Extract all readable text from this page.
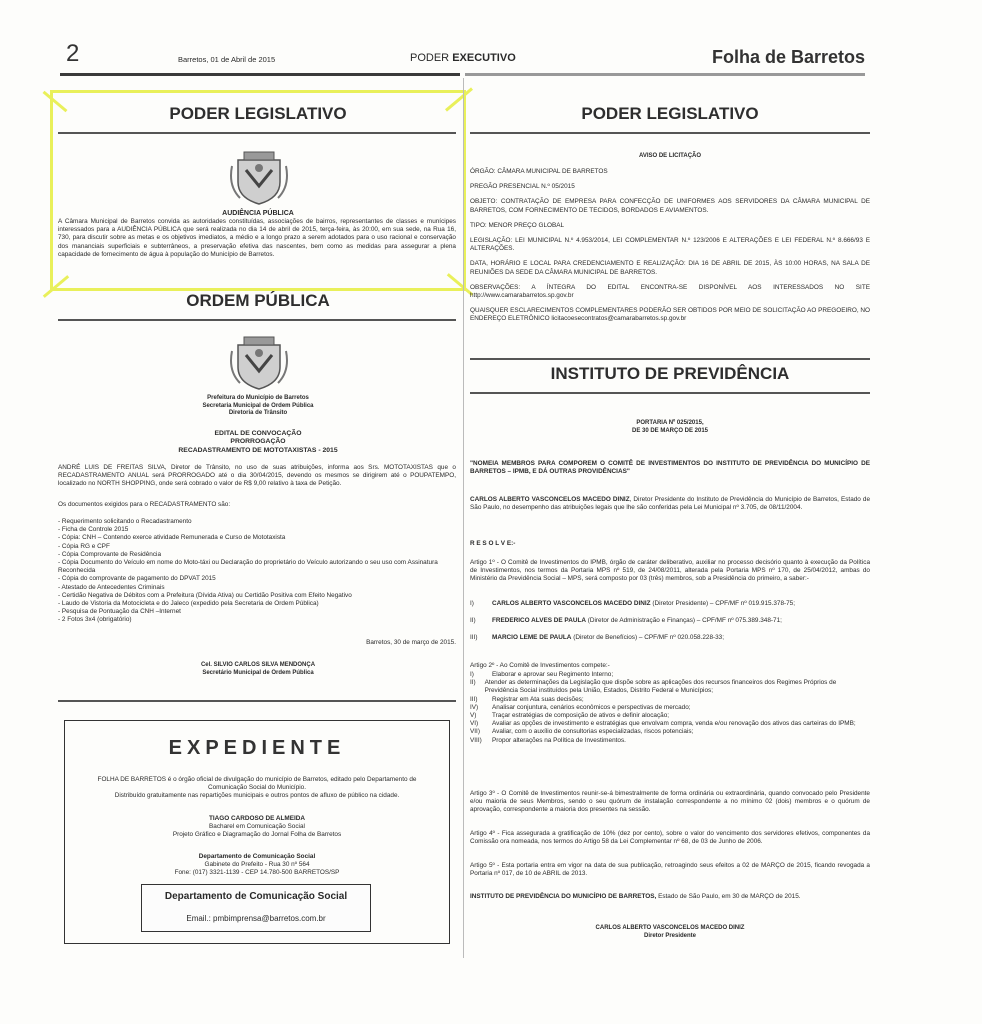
2	Barretos, 01 de Abril de 2015	PODER EXECUTIVO	Folha de Barretos
PODER LEGISLATIVO
AUDIÊNCIA PÚBLICA
A Câmara Municipal de Barretos convida as autoridades constituídas, associações de bairros, representantes de classes e munícipes interessados para a AUDIÊNCIA PÚBLICA que será realizada no dia 14 de abril de 2015, terça-feira, às 20:00, em sua sede, na Rua 16, 730, para discutir sobre as metas e os objetivos imediatos, a médio e a longo prazo a serem adotados para o uso racional e conservação dos mananciais superficiais e subterrâneos, a preservação efetiva das nascentes, bem como as medidas para assegurar a plena capacidade de fornecimento de água à população do Município de Barretos.
ORDEM PÚBLICA
Prefeitura do Município de Barretos
Secretaria Municipal de Ordem Pública
Diretoria de Trânsito
EDITAL DE CONVOCAÇÃO
PRORROGAÇÃO
RECADASTRAMENTO DE MOTOTAXISTAS - 2015
ANDRÉ LUIS DE FREITAS SILVA, Diretor de Trânsito, no uso de suas atribuições, informa aos Srs. MOTOTAXISTAS que o RECADASTRAMENTO ANUAL será PRORROGADO até o dia 30/04/2015, devendo os mesmos se dirigirem até o POUPATEMPO, localizado no NORTH SHOPPING, onde será cobrado o valor de R$ 9,00 relativo à taxa de Petição.
Os documentos exigidos para o RECADASTRAMENTO são:
- Requerimento solicitando o Recadastramento
- Ficha de Controle 2015
- Cópia: CNH – Contendo exerce atividade Remunerada e Curso de Mototaxista
- Cópia RG e CPF
- Cópia Comprovante de Residência
- Cópia Documento do Veículo em nome do Moto-táxi ou Declaração do proprietário do Veículo autorizando o seu uso com Assinatura Reconhecida
- Cópia do comprovante de pagamento do DPVAT 2015
- Atestado de Antecedentes Criminais
- Certidão Negativa de Débitos com a Prefeitura (Dívida Ativa) ou Certidão Positiva com Efeito Negativo
- Laudo de Vistoria da Motocicleta e do Jaleco (expedido pela Secretaria de Ordem Pública)
- Pesquisa de Pontuação da CNH –Internet
- 2 Fotos 3x4 (obrigatório)
Barretos, 30 de março de 2015.
Cel. SILVIO CARLOS SILVA MENDONÇA
Secretário Municipal de Ordem Pública
EXPEDIENTE
FOLHA DE BARRETOS é o órgão oficial de divulgação do município de Barretos, editado pelo Departamento de Comunicação Social do Município.
Distribuído gratuitamente nas repartições municipais e outros pontos de afluxo de público na cidade.
TIAGO CARDOSO DE ALMEIDA
Bacharel em Comunicação Social
Projeto Gráfico e Diagramação do Jornal Folha de Barretos
Departamento de Comunicação Social
Gabinete do Prefeito - Rua 30 nº 564
Fone: (017) 3321-1139 - CEP 14.780-500 BARRETOS/SP
Departamento de Comunicação Social
Email.: pmbimprensa@barretos.com.br
PODER LEGISLATIVO
AVISO DE LICITAÇÃO
ÓRGÃO: CÂMARA MUNICIPAL DE BARRETOS
PREGÃO PRESENCIAL N.º 05/2015
OBJETO: CONTRATAÇÃO DE EMPRESA PARA CONFECÇÃO DE UNIFORMES AOS SERVIDORES DA CÂMARA MUNICIPAL DE BARRETOS, COM FORNECIMENTO DE TECIDOS, BORDADOS E AVIAMENTOS.
TIPO: MENOR PREÇO GLOBAL
LEGISLAÇÃO: LEI MUNICIPAL N.º 4.953/2014, LEI COMPLEMENTAR N.º 123/2006 E ALTERAÇÕES E LEI FEDERAL N.º 8.666/93 E ALTERAÇÕES.
DATA, HORÁRIO E LOCAL PARA CREDENCIAMENTO E REALIZAÇÃO: DIA 16 DE ABRIL DE 2015, ÀS 10:00 HORAS, NA SALA DE REUNIÕES DA SEDE DA CÂMARA MUNICIPAL DE BARRETOS.
OBSERVAÇÕES: A ÍNTEGRA DO EDITAL ENCONTRA-SE DISPONÍVEL AOS INTERESSADOS NO SITE http://www.camarabarretos.sp.gov.br
QUAISQUER ESCLARECIMENTOS COMPLEMENTARES PODERÃO SER OBTIDOS POR MEIO DE SOLICITAÇÃO AO PREGOEIRO, NO ENDEREÇO ELETRÔNICO licitacoesecontratos@camarabarretos.sp.gov.br
INSTITUTO DE PREVIDÊNCIA
PORTARIA Nº 025/2015,
DE 30 DE MARÇO DE 2015
"NOMEIA MEMBROS PARA COMPOREM O COMITÊ DE INVESTIMENTOS DO INSTITUTO DE PREVIDÊNCIA DO MUNICÍPIO DE BARRETOS – IPMB, E DÁ OUTRAS PROVIDÊNCIAS"
CARLOS ALBERTO VASCONCELOS MACEDO DINIZ, Diretor Presidente do Instituto de Previdência do Município de Barretos, Estado de São Paulo, no desempenho das atribuições legais que lhe são conferidas pela Lei Municipal nº 3.705, de 08/11/2004.
R E S O L V E:-
Artigo 1º - O Comitê de Investimentos do IPMB, órgão de caráter deliberativo, auxiliar no processo decisório quanto à execução da Política de Investimentos, nos termos da Portaria MPS nº 519, de 24/08/2011, alterada pela Portaria MPS nº 170, de 25/04/2012, ambas do Ministério da Previdência Social – MPS, será composto por 03 (três) membros, sob a Presidência do primeiro, a saber:-
I)	CARLOS ALBERTO VASCONCELOS MACEDO DINIZ (Diretor Presidente) – CPF/MF nº 019.915.378-75;
II)	FREDERICO ALVES DE PAULA (Diretor de Administração e Finanças) – CPF/MF nº 075.389.348-71;
III)	MARCIO LEME DE PAULA (Diretor de Benefícios) – CPF/MF nº 020.058.228-33;
Artigo 2º - Ao Comitê de Investimentos compete:-
I)	Elaborar e aprovar seu Regimento Interno;
II)	Atender as determinações da Legislação que dispõe sobre as aplicações dos recursos financeiros dos Regimes Próprios de Previdência Social instituídos pela União, Estados, Distrito Federal e Municípios;
III)	Registrar em Ata suas decisões;
IV)	Analisar conjuntura, cenários econômicos e perspectivas de mercado;
V)	Traçar estratégias de composição de ativos e definir alocação;
VI)	Avaliar as opções de investimento e estratégias que envolvam compra, venda e/ou renovação dos ativos das carteiras do IPMB;
VII)	Avaliar, com o auxílio de consultorias especializadas, riscos potenciais;
VIII)	Propor alterações na Política de Investimentos.
Artigo 3º - O Comitê de Investimentos reunir-se-á bimestralmente de forma ordinária ou extraordinária, quando convocado pelo Presidente e/ou maioria de seus Membros, sendo o seu quórum de instalação correspondente a no mínimo 02 (dois) membros e o quórum de aprovação, correspondente a maioria dos presentes na sessão.
Artigo 4º - Fica assegurada a gratificação de 10% (dez por cento), sobre o valor do vencimento dos servidores efetivos, componentes da Comissão ora nomeada, nos termos do Artigo 58 da Lei Complementar nº 68, de 03 de Junho de 2006.
Artigo 5º - Esta portaria entra em vigor na data de sua publicação, retroagindo seus efeitos a 02 de MARÇO de 2015, ficando revogada a Portaria nº 017, de 10 de ABRIL de 2013.
INSTITUTO DE PREVIDÊNCIA DO MUNICÍPIO DE BARRETOS, Estado de São Paulo, em 30 de MARÇO de 2015.
CARLOS ALBERTO VASCONCELOS MACEDO DINIZ
Diretor Presidente
